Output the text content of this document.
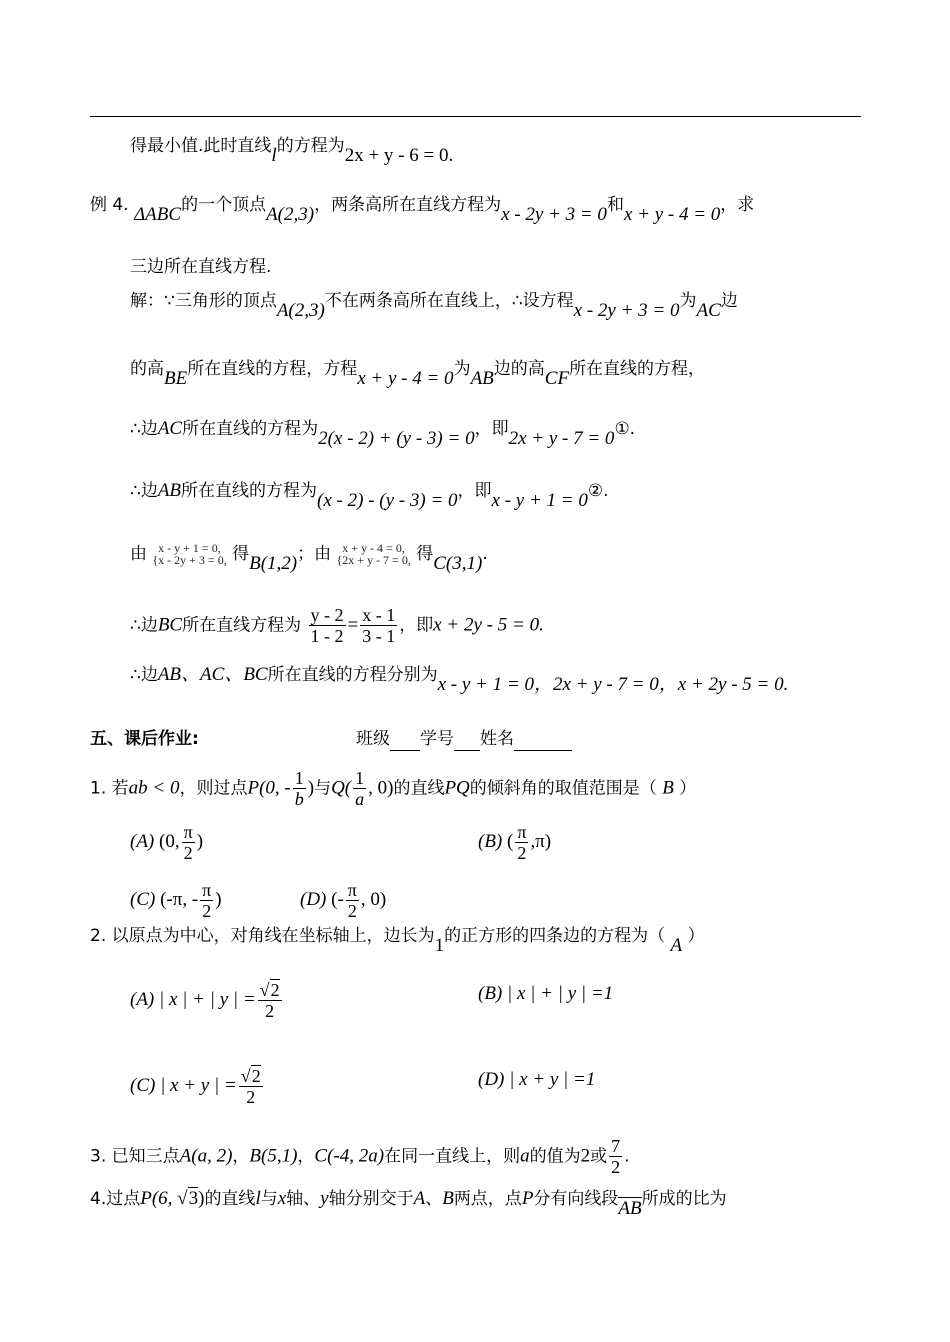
得最小值.此时直线l的方程为2x + y - 6 = 0.
例 4. ΔABC的一个顶点A(2,3)，两条高所在直线方程为x - 2y + 3 = 0和x + y - 4 = 0，求
三边所在直线方程.
解：∵三角形的顶点A(2,3)不在两条高所在直线上，∴设方程x - 2y + 3 = 0为AC边
的高BE所在直线的方程，方程x + y - 4 = 0为AB边的高CF所在直线的方程，
∴边AC所在直线的方程为2(x - 2) + (y - 3) = 0，即2x + y - 7 = 0①.
∴边AB所在直线的方程为(x - 2) - (y - 3) = 0，即x - y + 1 = 0②.
由 {
x - y + 1 = 0,
x - 2y + 3 = 0, 得B(1,2)；由 {
x + y - 4 = 0,
2x + y - 7 = 0, 得C(3,1).
∴边BC所在直线方程为 $\frac{y - 2}{1 - 2} = \frac{x - 1}{3 - 1}$ ，即x + 2y - 5 = 0.
∴边AB、AC、BC所在直线的方程分别为x - y + 1 = 0，2x + y - 7 = 0，x + 2y - 5 = 0.
五、课后作业:	班级 学号 姓名
1. 若ab < 0，则过点P(0, - $\frac{1}{b}$ )与$Q( \frac{1}{a}$ , 0)的直线PQ的倾斜角的取值范围是（ B ）
(A) (0, $\frac{\pi}{2}$ )	(B) ( $\frac{\pi}{2} ,\pi$)
(C) (-π, - $\frac{\pi}{2}$ )	(D) (- $\frac{\pi}{2}$ , 0)
2. 以原点为中心，对角线在坐标轴上，边长为1的正方形的四条边的方程为（ A ）
(A) | x | + | y | = $\frac{√2}{2}$	(B) | x | + | y | =1
(C) | x + y | = $\frac{√2}{2}$	(D) | x + y | =1
3. 已知三点A(a, 2)，B(5,1)，C(-4, 2a)在同一直线上，则a的值为2或 $\frac{7}{2}$ .
4.过点P(6, √3)的直线l与x轴、y轴分别交于A、B两点，点P分有向线段AB所成的比为
